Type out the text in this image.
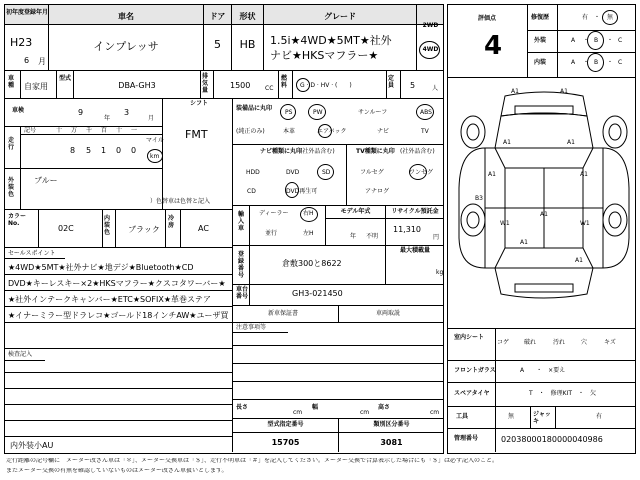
初年度登録年月	車名	ドア	形状	グレード
2WD
H23
6 月
インプレッサ	5	HB	1.5i★4WD★5MT★社外
ナビ★HKSマフラー★	4WD
車種	自家用
型式
DBA-GH3
排気量
1500 CC
燃料	G · D · HV · (　　)
定員	5	人
車検	9
年
3
月
シフト
FMT
走行
記号	十 万 千 百 十 一
8 5 1 0 0
マイル
km
外装色
ブルー
）色替車は色替と記入
カラーNo.
02C
内装色	ブラック
冷房	AC
セールスポイント
★4WD★5MT★社外ナビ★地デジ★Bluetooth★CD
DVD★キーレスキー×2★HKSマフラー★クスコタワーバー★
★社外インテークキャンバー★ETC★SOFIX★革巻ステア
★イナーミラー型ドラレコ★ゴールド18インチAW★ユーザ買
検査記入
内外装小AU
装備品に丸印
(純正のみ)
PS	PW	サンルーフ	ABS
本革	エアバック	ナビ	TV
ナビ種類に丸印
(社外品含む)
HDD	DVD	SD
CD	DVD再生可
TV種類に丸印 (社外品含む)
フルセグ	ワンセグ
アナログ
輸入車
ディーラー
並行
右H
左H
モデル年式
年 不明
リサイクル預託金
11,310
円
登録番号
倉敷300と8622
最大積載量
kg
車台番号	GH3-021450
新車保証書	車両取説
注意事項等
長さ
cm
幅
cm
高さ
cm
型式指定番号
15705
類別区分番号
3081
評価点
4
修復歴	有　・ 無
外装	A ・ B ・ C
内装	A ・ B ・ C
A1	A1
A1	A1
A1	A1
W1	W1
A1
B3
A1
A1
室内シート
コゲ 破れ	汚れ	穴	キズ
フロントガラス	A　　・　×要え
スペアタイヤ	T　・　修理KIT　・　欠
工具	無	ジャッキ
有
管理番号	02038000180000040986
走行距離の記号欄に　メーター改ざん車は「＊」、メーター交換車は「＄」、走行不明車は「＃」を記入してください。メーター交換で合算表示した場合にも「＄」は必ず記入のこと。
またメーター交換の有無を確認していないものはメーター改ざん車扱いとします。
